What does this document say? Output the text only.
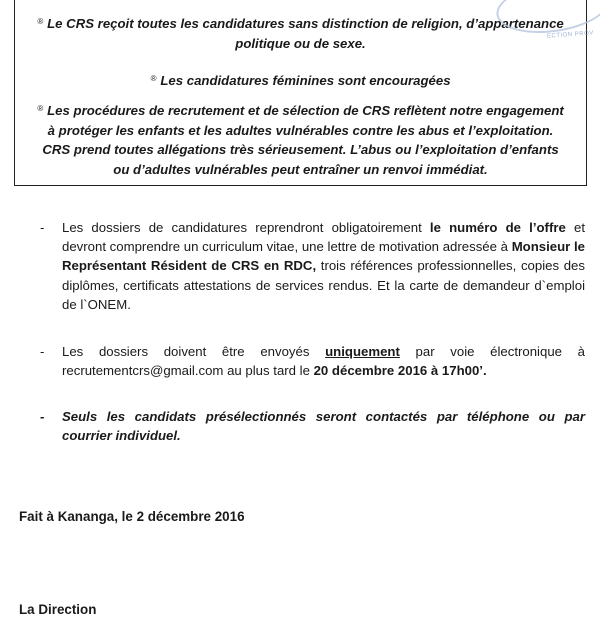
® Le CRS reçoit toutes les candidatures sans distinction de religion, d’appartenance politique ou de sexe.

® Les candidatures féminines sont encouragées

® Les procédures de recrutement et de sélection de CRS reflètent notre engagement à protéger les enfants et les adultes vulnérables contre les abus et l’exploitation. CRS prend toutes allégations très sérieusement. L’abus ou l’exploitation d’enfants ou d’adultes vulnérables peut entraîner un renvoi immédiat.

ECTION PROV
-	Les dossiers de candidatures reprendront obligatoirement le numéro de l’offre et devront comprendre un curriculum vitae, une lettre de motivation adressée à Monsieur le Représentant Résident de CRS en RDC, trois références professionnelles, copies des diplômes, certificats attestations de services rendus. Et la carte de demandeur d`emploi de l`ONEM.
-	Les dossiers doivent être envoyés uniquement par voie électronique à recrutementcrs@gmail.com au plus tard le 20 décembre 2016 à 17h00’.
-	Seuls les candidats présélectionnés seront contactés par téléphone ou par courrier individuel.
Fait à Kananga, le 2 décembre 2016
La Direction
